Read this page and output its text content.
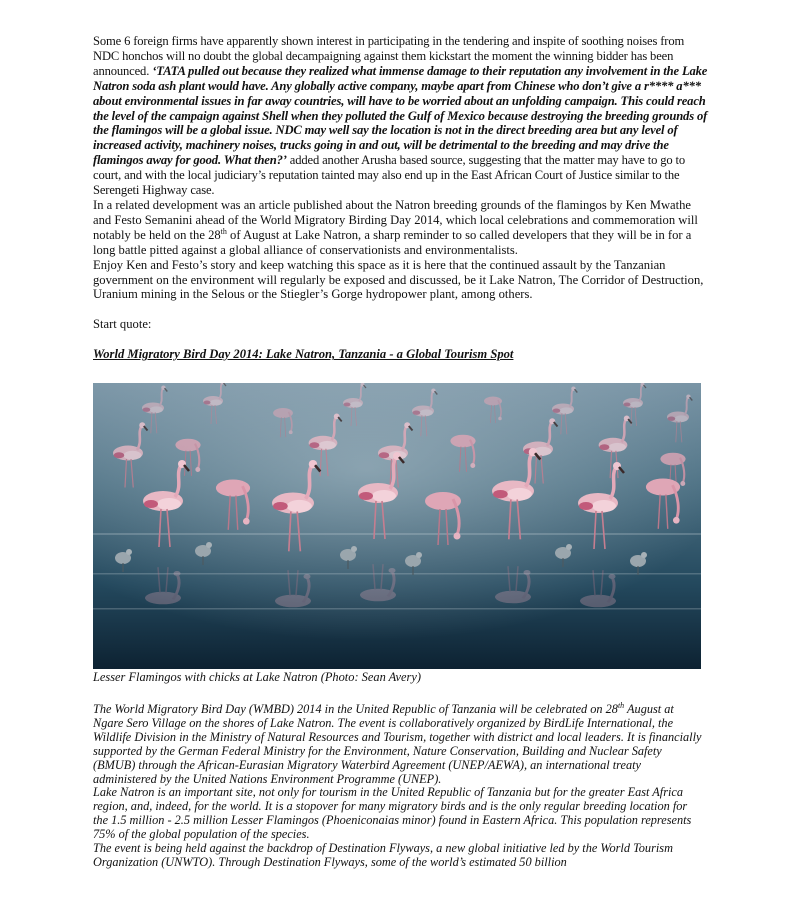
Some 6 foreign firms have apparently shown interest in participating in the tendering and inspite of soothing noises from NDC honchos will no doubt the global decampaigning against them kickstart the moment the winning bidder has been announced. ‘TATA pulled out because they realized what immense damage to their reputation any involvement in the Lake Natron soda ash plant would have. Any globally active company, maybe apart from Chinese who don’t give a r**** a*** about environmental issues in far away countries, will have to be worried about an unfolding campaign. This could reach the level of the campaign against Shell when they polluted the Gulf of Mexico because destroying the breeding grounds of the flamingos will be a global issue. NDC may well say the location is not in the direct breeding area but any level of increased activity, machinery noises, trucks going in and out, will be detrimental to the breeding and may drive the flamingos away for good. What then?’ added another Arusha based source, suggesting that the matter may have to go to court, and with the local judiciary’s reputation tainted may also end up in the East African Court of Justice similar to the Serengeti Highway case.

In a related development was an article published about the Natron breeding grounds of the flamingos by Ken Mwathe and Festo Semanini ahead of the World Migratory Birding Day 2014, which local celebrations and commemoration will notably be held on the 28th of August at Lake Natron, a sharp reminder to so called developers that they will be in for a long battle pitted against a global alliance of conservationists and environmentalists.

Enjoy Ken and Festo’s story and keep watching this space as it is here that the continued assault by the Tanzanian government on the environment will regularly be exposed and discussed, be it Lake Natron, The Corridor of Destruction, Uranium mining in the Selous or the Stiegler’s Gorge hydropower plant, among others.

Start quote:

World Migratory Bird Day 2014: Lake Natron, Tanzania - a Global Tourism Spot

Lesser Flamingos with chicks at Lake Natron (Photo: Sean Avery)

The World Migratory Bird Day (WMBD) 2014 in the United Republic of Tanzania will be celebrated on 28th August at Ngare Sero Village on the shores of Lake Natron. The event is collaboratively organized by BirdLife International, the Wildlife Division in the Ministry of Natural Resources and Tourism, together with district and local leaders. It is financially supported by the German Federal Ministry for the Environment, Nature Conservation, Building and Nuclear Safety (BMUB) through the African-Eurasian Migratory Waterbird Agreement (UNEP/AEWA), an international treaty administered by the United Nations Environment Programme (UNEP).

Lake Natron is an important site, not only for tourism in the United Republic of Tanzania but for the greater East Africa region, and, indeed, for the world. It is a stopover for many migratory birds and is the only regular breeding location for the 1.5 million - 2.5 million Lesser Flamingos (Phoeniconaias minor) found in Eastern Africa. This population represents 75% of the global population of the species.

The event is being held against the backdrop of Destination Flyways, a new global initiative led by the World Tourism Organization (UNWTO). Through Destination Flyways, some of the world’s estimated 50 billion
